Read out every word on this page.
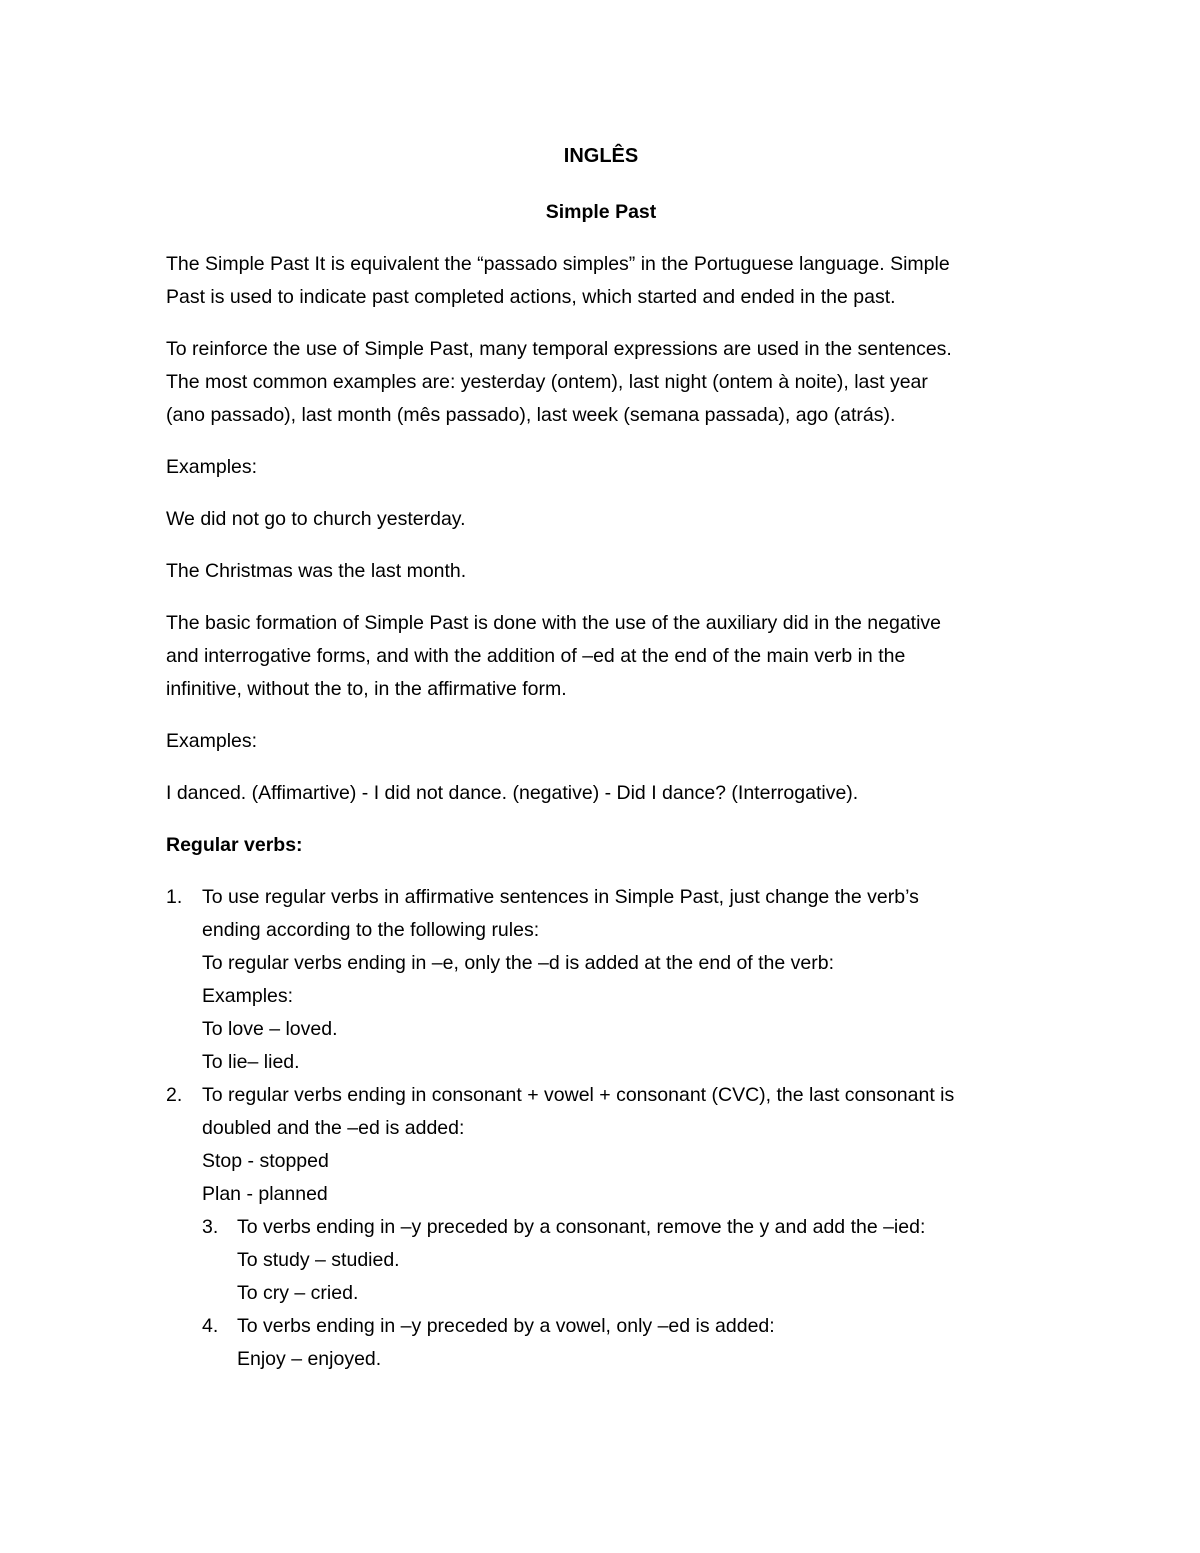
INGLÊS

Simple Past

The Simple Past It is equivalent the “passado simples” in the Portuguese language. Simple

Past is used to indicate past completed actions, which started and ended in the past.

To reinforce the use of Simple Past, many temporal expressions are used in the sentences.

The most common examples are: yesterday (ontem), last night (ontem à noite), last year

(ano passado), last month (mês passado), last week (semana passada), ago (atrás).

Examples:

We did not go to church yesterday.

The Christmas was the last month.

The basic formation of Simple Past is done with the use of the auxiliary did in the negative

and interrogative forms, and with the addition of –ed at the end of the main verb in the

infinitive, without the to, in the affirmative form.

Examples:

I danced. (Affimartive) - I did not dance. (negative) - Did I dance? (Interrogative).

Regular verbs:

1. To use regular verbs in affirmative sentences in Simple Past, just change the verb’s

ending according to the following rules:

To regular verbs ending in –e, only the –d is added at the end of the verb:

Examples:

To love – loved.

To lie– lied.

2. To regular verbs ending in consonant + vowel + consonant (CVC), the last consonant is

doubled and the –ed is added:

Stop - stopped

Plan - planned

3. To verbs ending in –y preceded by a consonant, remove the y and add the –ied:

To study – studied.

To cry – cried.

4. To verbs ending in –y preceded by a vowel, only –ed is added:

Enjoy – enjoyed.
